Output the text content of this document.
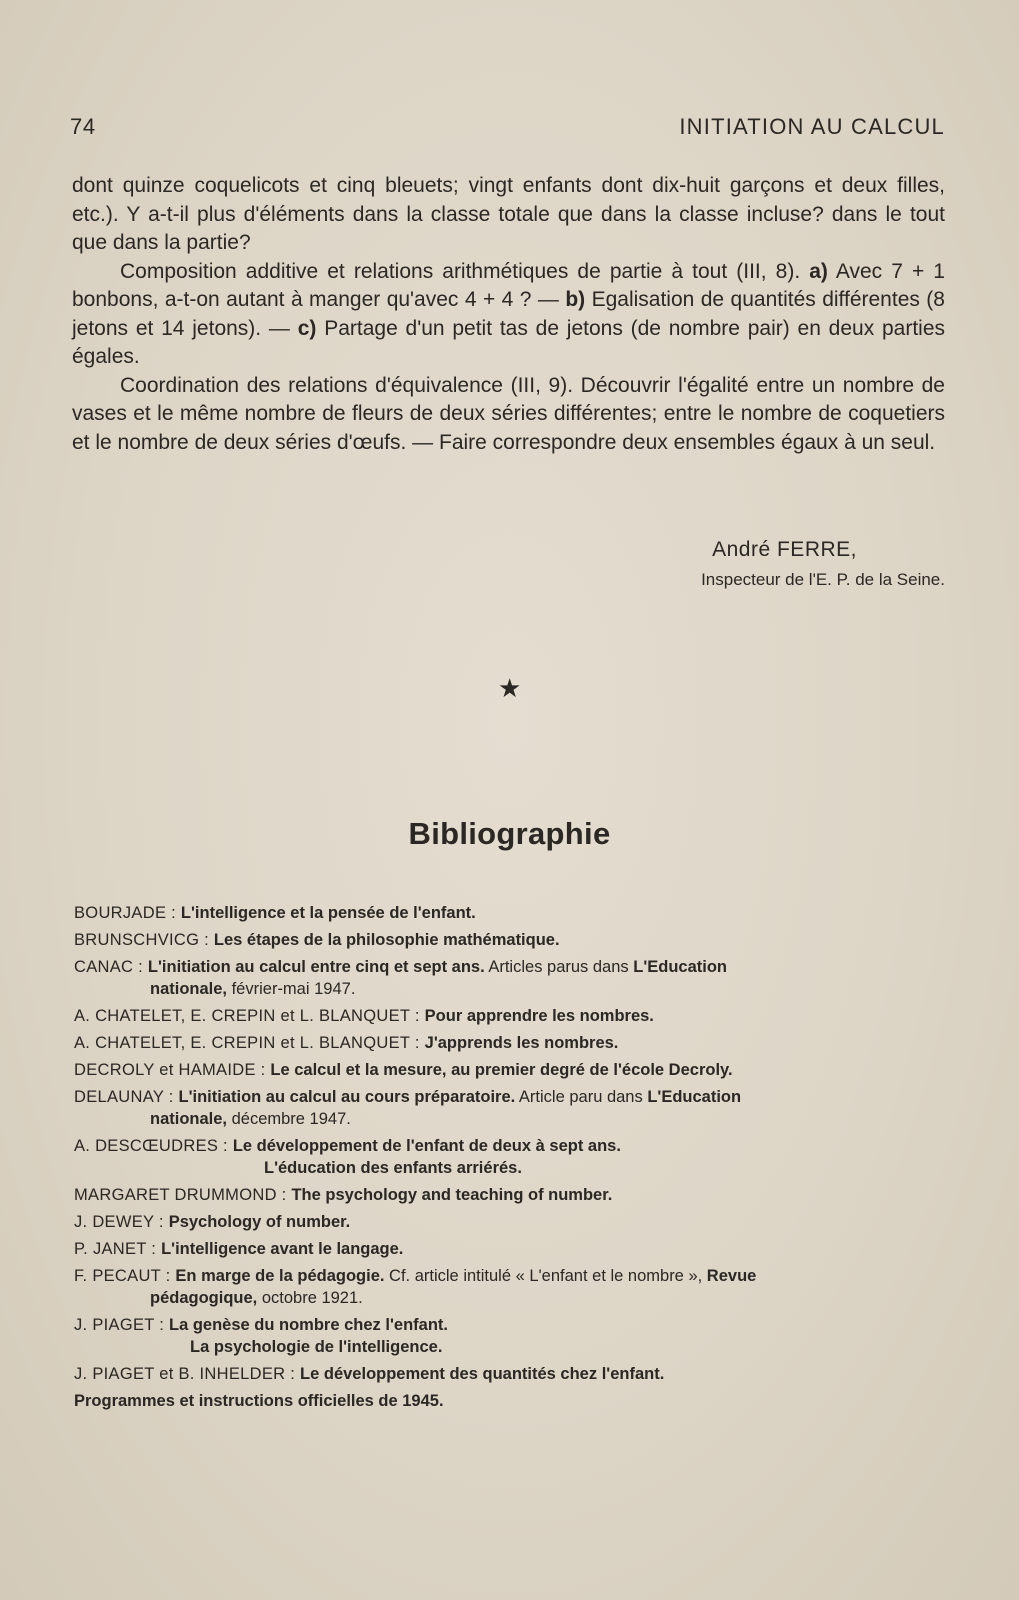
74	INITIATION AU CALCUL

dont quinze coquelicots et cinq bleuets; vingt enfants dont dix-huit garçons et deux filles, etc.). Y a-t-il plus d'éléments dans la classe totale que dans la classe incluse? dans le tout que dans la partie?

Composition additive et relations arithmétiques de partie à tout (III, 8). a) Avec 7 + 1 bonbons, a-t-on autant à manger qu'avec 4 + 4 ? — b) Egalisation de quantités différentes (8 jetons et 14 jetons). — c) Partage d'un petit tas de jetons (de nombre pair) en deux parties égales.

Coordination des relations d'équivalence (III, 9). Découvrir l'égalité entre un nombre de vases et le même nombre de fleurs de deux séries différentes; entre le nombre de coquetiers et le nombre de deux séries d'œufs. — Faire correspondre deux ensembles égaux à un seul.

André FERRE,
Inspecteur de l'E. P. de la Seine.
★
Bibliographie
BOURJADE : L'intelligence et la pensée de l'enfant.
BRUNSCHVICG : Les étapes de la philosophie mathématique.
CANAC : L'initiation au calcul entre cinq et sept ans. Articles parus dans L'Education
nationale, février-mai 1947.
A. CHATELET, E. CREPIN et L. BLANQUET : Pour apprendre les nombres.
A. CHATELET, E. CREPIN et L. BLANQUET : J'apprends les nombres.
DECROLY et HAMAIDE : Le calcul et la mesure, au premier degré de l'école Decroly.
DELAUNAY : L'initiation au calcul au cours préparatoire. Article paru dans L'Education
nationale, décembre 1947.
A. DESCŒUDRES : Le développement de l'enfant de deux à sept ans.
L'éducation des enfants arriérés.
MARGARET DRUMMOND : The psychology and teaching of number.
J. DEWEY : Psychology of number.
P. JANET : L'intelligence avant le langage.
F. PECAUT : En marge de la pédagogie. Cf. article intitulé « L'enfant et le nombre », Revue
pédagogique, octobre 1921.
J. PIAGET : La genèse du nombre chez l'enfant.
La psychologie de l'intelligence.
J. PIAGET et B. INHELDER : Le développement des quantités chez l'enfant.
Programmes et instructions officielles de 1945.
